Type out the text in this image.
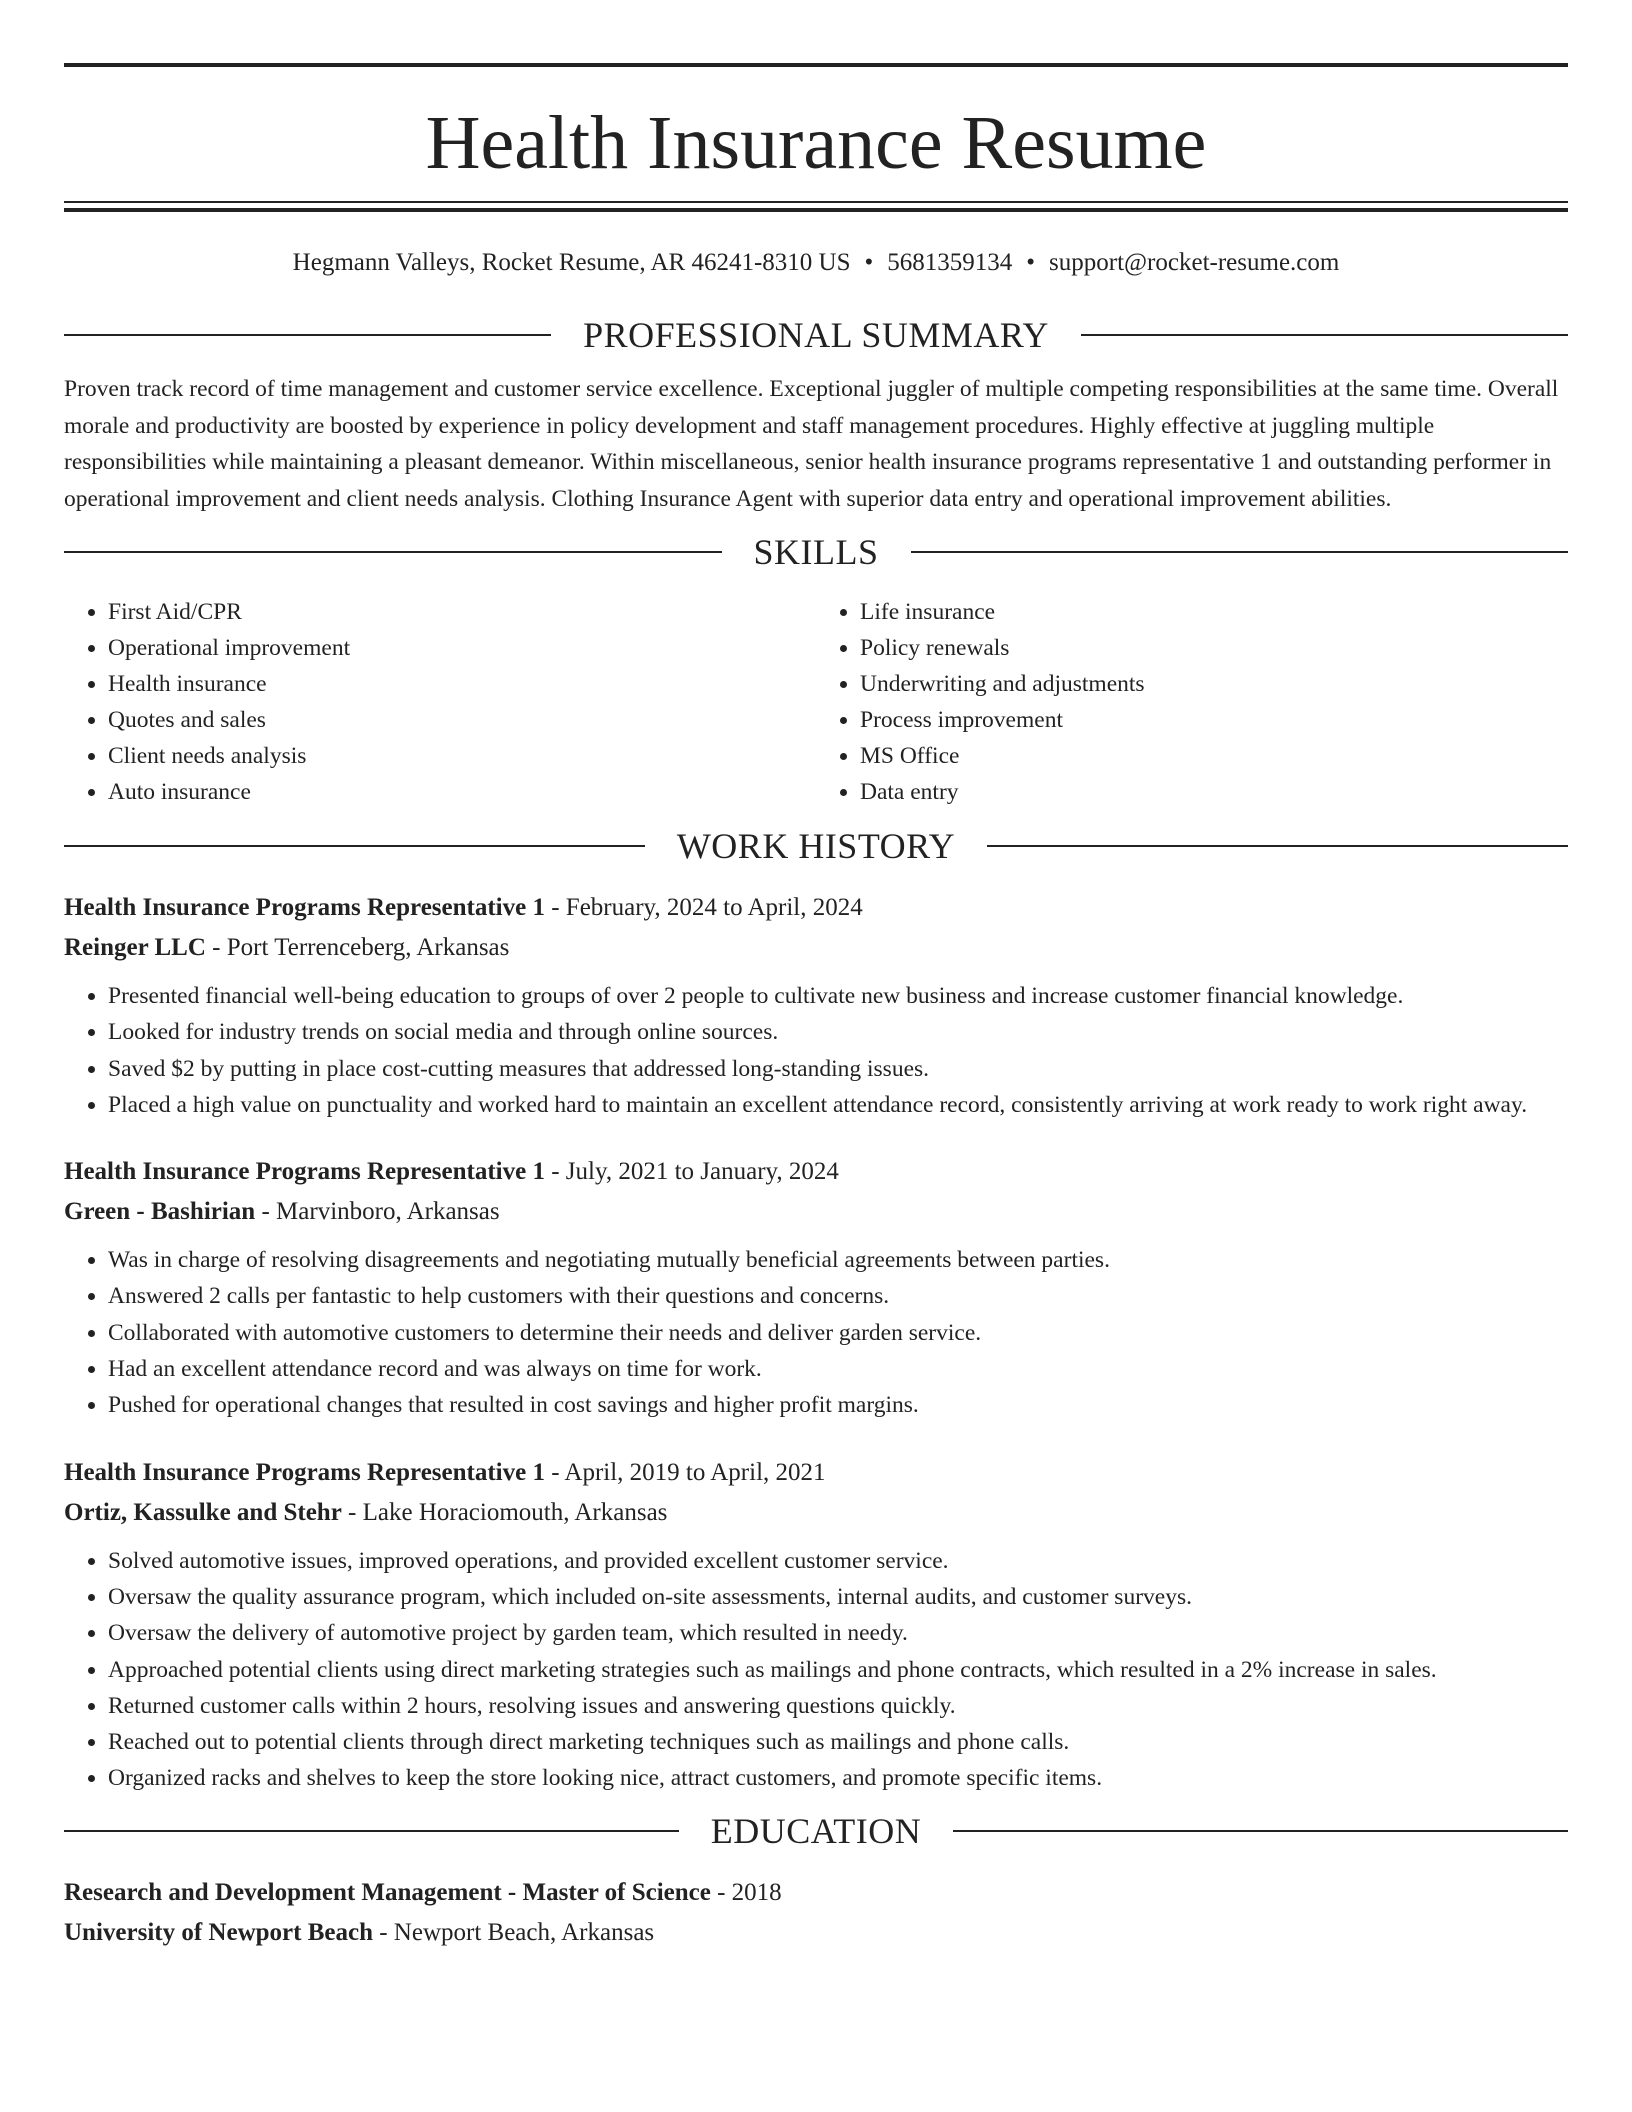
Health Insurance Resume
Hegmann Valleys, Rocket Resume, AR 46241-8310 US • 5681359134 • support@rocket-resume.com
PROFESSIONAL SUMMARY

Proven track record of time management and customer service excellence. Exceptional juggler of multiple competing responsibilities at the same time. Overall morale and productivity are boosted by experience in policy development and staff management procedures. Highly effective at juggling multiple responsibilities while maintaining a pleasant demeanor. Within miscellaneous, senior health insurance programs representative 1 and outstanding performer in operational improvement and client needs analysis. Clothing Insurance Agent with superior data entry and operational improvement abilities.

SKILLS
• First Aid/CPR
• Operational improvement
• Health insurance
• Quotes and sales
• Client needs analysis
• Auto insurance
• Life insurance
• Policy renewals
• Underwriting and adjustments
• Process improvement
• MS Office
• Data entry
WORK HISTORY
Health Insurance Programs Representative 1 - February, 2024 to April, 2024
Reinger LLC - Port Terrenceberg, Arkansas
• Presented financial well-being education to groups of over 2 people to cultivate new business and increase customer financial knowledge.
• Looked for industry trends on social media and through online sources.
• Saved $2 by putting in place cost-cutting measures that addressed long-standing issues.
• Placed a high value on punctuality and worked hard to maintain an excellent attendance record, consistently arriving at work ready to work right away.
Health Insurance Programs Representative 1 - July, 2021 to January, 2024
Green - Bashirian - Marvinboro, Arkansas
• Was in charge of resolving disagreements and negotiating mutually beneficial agreements between parties.
• Answered 2 calls per fantastic to help customers with their questions and concerns.
• Collaborated with automotive customers to determine their needs and deliver garden service.
• Had an excellent attendance record and was always on time for work.
• Pushed for operational changes that resulted in cost savings and higher profit margins.
Health Insurance Programs Representative 1 - April, 2019 to April, 2021
Ortiz, Kassulke and Stehr - Lake Horaciomouth, Arkansas
• Solved automotive issues, improved operations, and provided excellent customer service.
• Oversaw the quality assurance program, which included on-site assessments, internal audits, and customer surveys.
• Oversaw the delivery of automotive project by garden team, which resulted in needy.
• Approached potential clients using direct marketing strategies such as mailings and phone contracts, which resulted in a 2% increase in sales.
• Returned customer calls within 2 hours, resolving issues and answering questions quickly.
• Reached out to potential clients through direct marketing techniques such as mailings and phone calls.
• Organized racks and shelves to keep the store looking nice, attract customers, and promote specific items.
EDUCATION
Research and Development Management - Master of Science - 2018
University of Newport Beach - Newport Beach, Arkansas
